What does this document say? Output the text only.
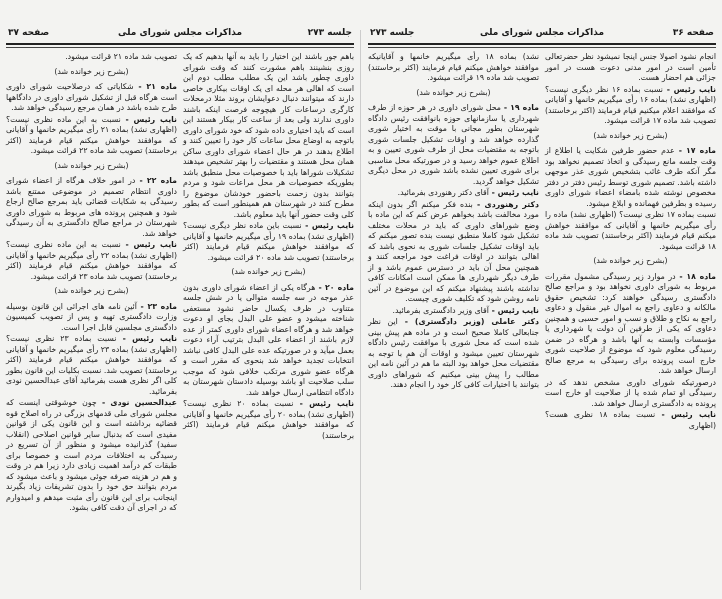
جلسه ۲۷۳
مذاکرات مجلس شورای ملی
صفحه ۳۷

باهم جور باشند این اختیار را باید به آنها بدهیم که یک روزی بنشینند باهم مشورت کنند که وقت شورای داوری چطور باشد این یک مطلب مطلب دوم این است که اهالی هر محله ای یک اوقات بیکاری خاصی دارند که میتوانند دنبال دعوایشان بروند مثلا درمحلات کارگری درساعات کار هیچوجه فرصت اینکه باشند داوری ندارند ولی بعد از ساعت کار بیکار هستند این است که باید اختیاری داده شود که خود شورای داوری باتوجه به اوضاع محل ساعات کار خود را تعیین کنند و اطلاع بدهند در هر حال اعضاء شورای داوری ساکن همان محل هستند و مقتضیات را بهتر تشخیص میدهند تشکیلات شوراها باید با خصوصیات محل منطبق باشد بطوریکه خصوصیات هر محل مراعات شود و مردم بتوانند بدون زحمت باحضور خودشان موضوع را مطرح کنند در شهرستان هم همینطور است که بطور کلی وقت حضور آنها باید معلوم باشد.

نایب رئیس - نسبت باین ماده نظر دیگری نیست؟ (اظهاری نشد) بماده ۱۹ رأی میگیریم خانمها و آقایانی که موافقند خواهش میکنم قیام فرمایند (اکثر برخاستند) تصویب شد ماده ۲۰ قرائت میشود.

(بشرح زیر خوانده شد)

ماده ۲۰ - هرگاه یکی از اعضاء شورای داوری بدون عذر موجه در سه جلسه متوالی یا در شش جلسه متناوب در ظرف یکسال حاضر نشود مستعفی شناخته میشود و عضو علی البدل بجای او دعوت خواهد شد و هرگاه اعضاء شورای داوری کمتر از عده لازم باشند از اعضاء علی البدل بترتیب آراء دعوت بعمل میآید و در صورتیکه عده علی البدل کافی نباشد انتخابات تجدید خواهد شد بنحوی که مقرر است و هرگاه عضو شوری مرتکب خلافی شود که موجب سلب صلاحیت او باشد بوسیله دادستان شهرستان به دادگاه انتظامی ارسال خواهد شد.

نایب رئیس - نسبت بماده ۲۰ نظری نیست؟ (اظهاری نشد) بماده ۲۰ رأی میگیریم خانمها و آقایانی که موافقند خواهش میکنم قیام فرمایند (اکثر برخاستند)

تصویب شد ماده ۲۱ قرائت میشود.

(بشرح زیر خوانده شد)

ماده ۲۱ - شکایاتی که درصلاحیت شورای داوری است هرگاه قبل از تشکیل شورای داوری در دادگاهها طرح شده باشد در همان مرجع رسیدگی خواهد شد.

نایب رئیس - نسبت به این ماده نظری نیست؟ (اظهاری نشد) بماده ۲۱ رأی میگیریم خانمها و آقایانی که موافقند خواهش میکنم قیام فرمایند (اکثر برخاستند) تصویب شد ماده ۲۲ قرائت میشود.

(بشرح زیر خوانده شد)

ماده ۲۲ - در امور خلاف هرگاه از اعضاء شورای داوری انتظام تصمیم در موضوعی ممتنع باشد رسیدگی به شکایات قضائی باید بمرجع صالح ارجاع شود و همچنین پرونده های مربوط به شورای داوری شهرستان در مراجع صالح دادگستری به آن رسیدگی خواهد شد.

نایب رئیس - نسبت به این ماده نظری نیست؟ (اظهاری نشد) بماده ۲۲ رأی میگیریم خانمها و آقایانی که موافقند خواهش میکنم قیام فرمایند (اکثر برخاستند) تصویب شد ماده ۲۳ قرائت میشود.

(بشرح زیر خوانده شد)

ماده ۲۳ - آئین نامه های اجرائی این قانون بوسیله وزارت دادگستری تهیه و پس از تصویب کمیسیون دادگستری مجلسین قابل اجرا است.

نایب رئیس - نسبت بماده ۲۳ نظری نیست؟ (اظهاری نشد) بماده ۲۳ رأی میگیریم خانمها و آقایانی که موافقند خواهش میکنم قیام فرمایند (اکثر برخاستند) تصویب شد. نسبت بکلیات این قانون بطور کلی اگر نظری هست بفرمائید آقای عبدالحسین نودی بفرمائید.

عبدالحسین نودی - چون خوشوقتی اینست که مجلس شورای ملی قدمهای بزرگی در راه اصلاح قوه قضائیه برداشته است و این قانون یکی از قوانین مفیدی است که بدنبال سایر قوانین اصلاحی (انقلاب سفید) گذرانیده میشود و منظور از آن تسریع در رسیدگی به اختلافات مردم است و خصوصا برای طبقات کم درآمد اهمیت زیادی دارد زیرا هم در وقت و هم در هزینه صرفه جوئی میشود و باعث میشود که مردم بتوانند حق خود را بدون تشریفات زیاد بگیرند اینجانب برای این قانون رأی مثبت میدهم و امیدوارم که در اجرای آن دقت کافی بشود.

صفحه ۳۶
مذاکرات مجلس شورای ملی
جلسه ۲۷۳

انجام نشود اصولا جنس اینجا نمیشود نظر حضرتعالی تأمین است در امور مدنی دعوت هست در امور جزائی هم احضار هست.

نایب رئیس - نسبت بماده ۱۶ نظر دیگری نیست؟ (اظهاری نشد) بماده ۱۶ رأی میگیریم خانمها و آقایانی که موافقند اعلام میکنیم قیام فرمایند (اکثر برخاستند) تصویب شد ماده ۱۷ قرائت میشود.

(بشرح زیر خوانده شد)

ماده ۱۷ - عدم حضور طرفین شکایت یا اطلاع از وقت جلسه مانع رسیدگی و اتخاذ تصمیم نخواهد بود مگر آنکه طرف غائب بتشخیص شوری عذر موجهی داشته باشد. تصمیم شوری توسط رئیس دفتر در دفتر مخصوص نوشته شده بامضاء اعضاء شورای داوری رسیده و بطرفین فهمانده و ابلاغ میشود.

نسبت بماده ۱۷ نظری نیست؟ (اظهاری نشد) ماده را رأی میگیریم خانمها و آقایانی که موافقند خواهش میکنم قیام فرمایند (اکثر برخاستند) تصویب شد ماده ۱۸ قرائت میشود.

(بشرح زیر خوانده شد)

ماده ۱۸ - در موارد زیر رسیدگی مشمول مقررات مربوط به شورای داوری نخواهد بود و مراجع صالح دادگستری رسیدگی خواهند کرد: تشخیص حقوق مالکانه و دعاوی راجع به اموال غیر منقول و دعاوی راجع به نکاح و طلاق و نسب و امور حسبی و همچنین دعاوی که یکی از طرفین آن دولت یا شهرداری یا مؤسسات وابسته به آنها باشد و هرگاه در ضمن رسیدگی معلوم شود که موضوع از صلاحیت شوری خارج است پرونده برای رسیدگی به مرجع صالح ارسال خواهد شد.

درصورتیکه شورای داوری مشخص ندهد که در رسیدگی او تمام شده یا از صلاحیت او خارج است پرونده به دادگستری ارسال خواهد شد.

نایب رئیس - نسبت بماده ۱۸ نظری هست؟ (اظهاری

نشد) بماده ۱۸ رأی میگیریم خانمها و آقایانیکه موافقند خواهش میکنم قیام فرمایند (اکثر برخاستند) تصویب شد ماده ۱۹ قرائت میشود.

(بشرح زیر خوانده شد)

ماده ۱۹ - محل شورای داوری در هر حوزه از طرف شهرداری یا سازمانهای حوزه بانوافقت رئیس دادگاه شهرستان بطور مجانی با موقت به اختیار شوری گذارده خواهد شد و اوقات تشکیل جلسات شوری باتوجه به مقتضیات محل از طرف شوری تعیین و به اطلاع عموم خواهد رسید و در صورتیکه محل مناسبی برای شوری تعیین نشده باشد شوری در محل دیگری تشکیل خواهد گردید.

نایب رئیس - آقای دکتر رهنوردی بفرمائید.

دکتر رهنوردی - بنده فکر میکنم اگر بدون اینکه مورد مخالفت باشد بخواهم عرض کنم که این ماده با وضع شوراهای داوری که باید در محلات مختلف تشکیل شود کاملا منطبق نیست بنده تصور میکنم که باید اوقات تشکیل جلسات شوری به نحوی باشد که اهالی بتوانند در اوقات فراغت خود مراجعه کنند و همچنین محل آن باید در دسترس عموم باشد و از طرف دیگر شهرداری ها ممکن است امکانات کافی نداشته باشند پیشنهاد میکنم که این موضوع در آئین نامه روشن شود که تکلیف شوری چیست.

نایب رئیس - آقای وزیر دادگستری بفرمائید.

دکتر عاملی (وزیر دادگستری) - این نظر جنابعالی کاملا صحیح است و در ماده هم پیش بینی شده است که محل شوری با موافقت رئیس دادگاه شهرستان تعیین میشود و اوقات آن هم با توجه به مقتضیات محل خواهد بود البته ما هم در آئین نامه این مطالب را پیش بینی میکنیم که شوراهای داوری بتوانند با اختیارات کافی کار خود را انجام دهند.
